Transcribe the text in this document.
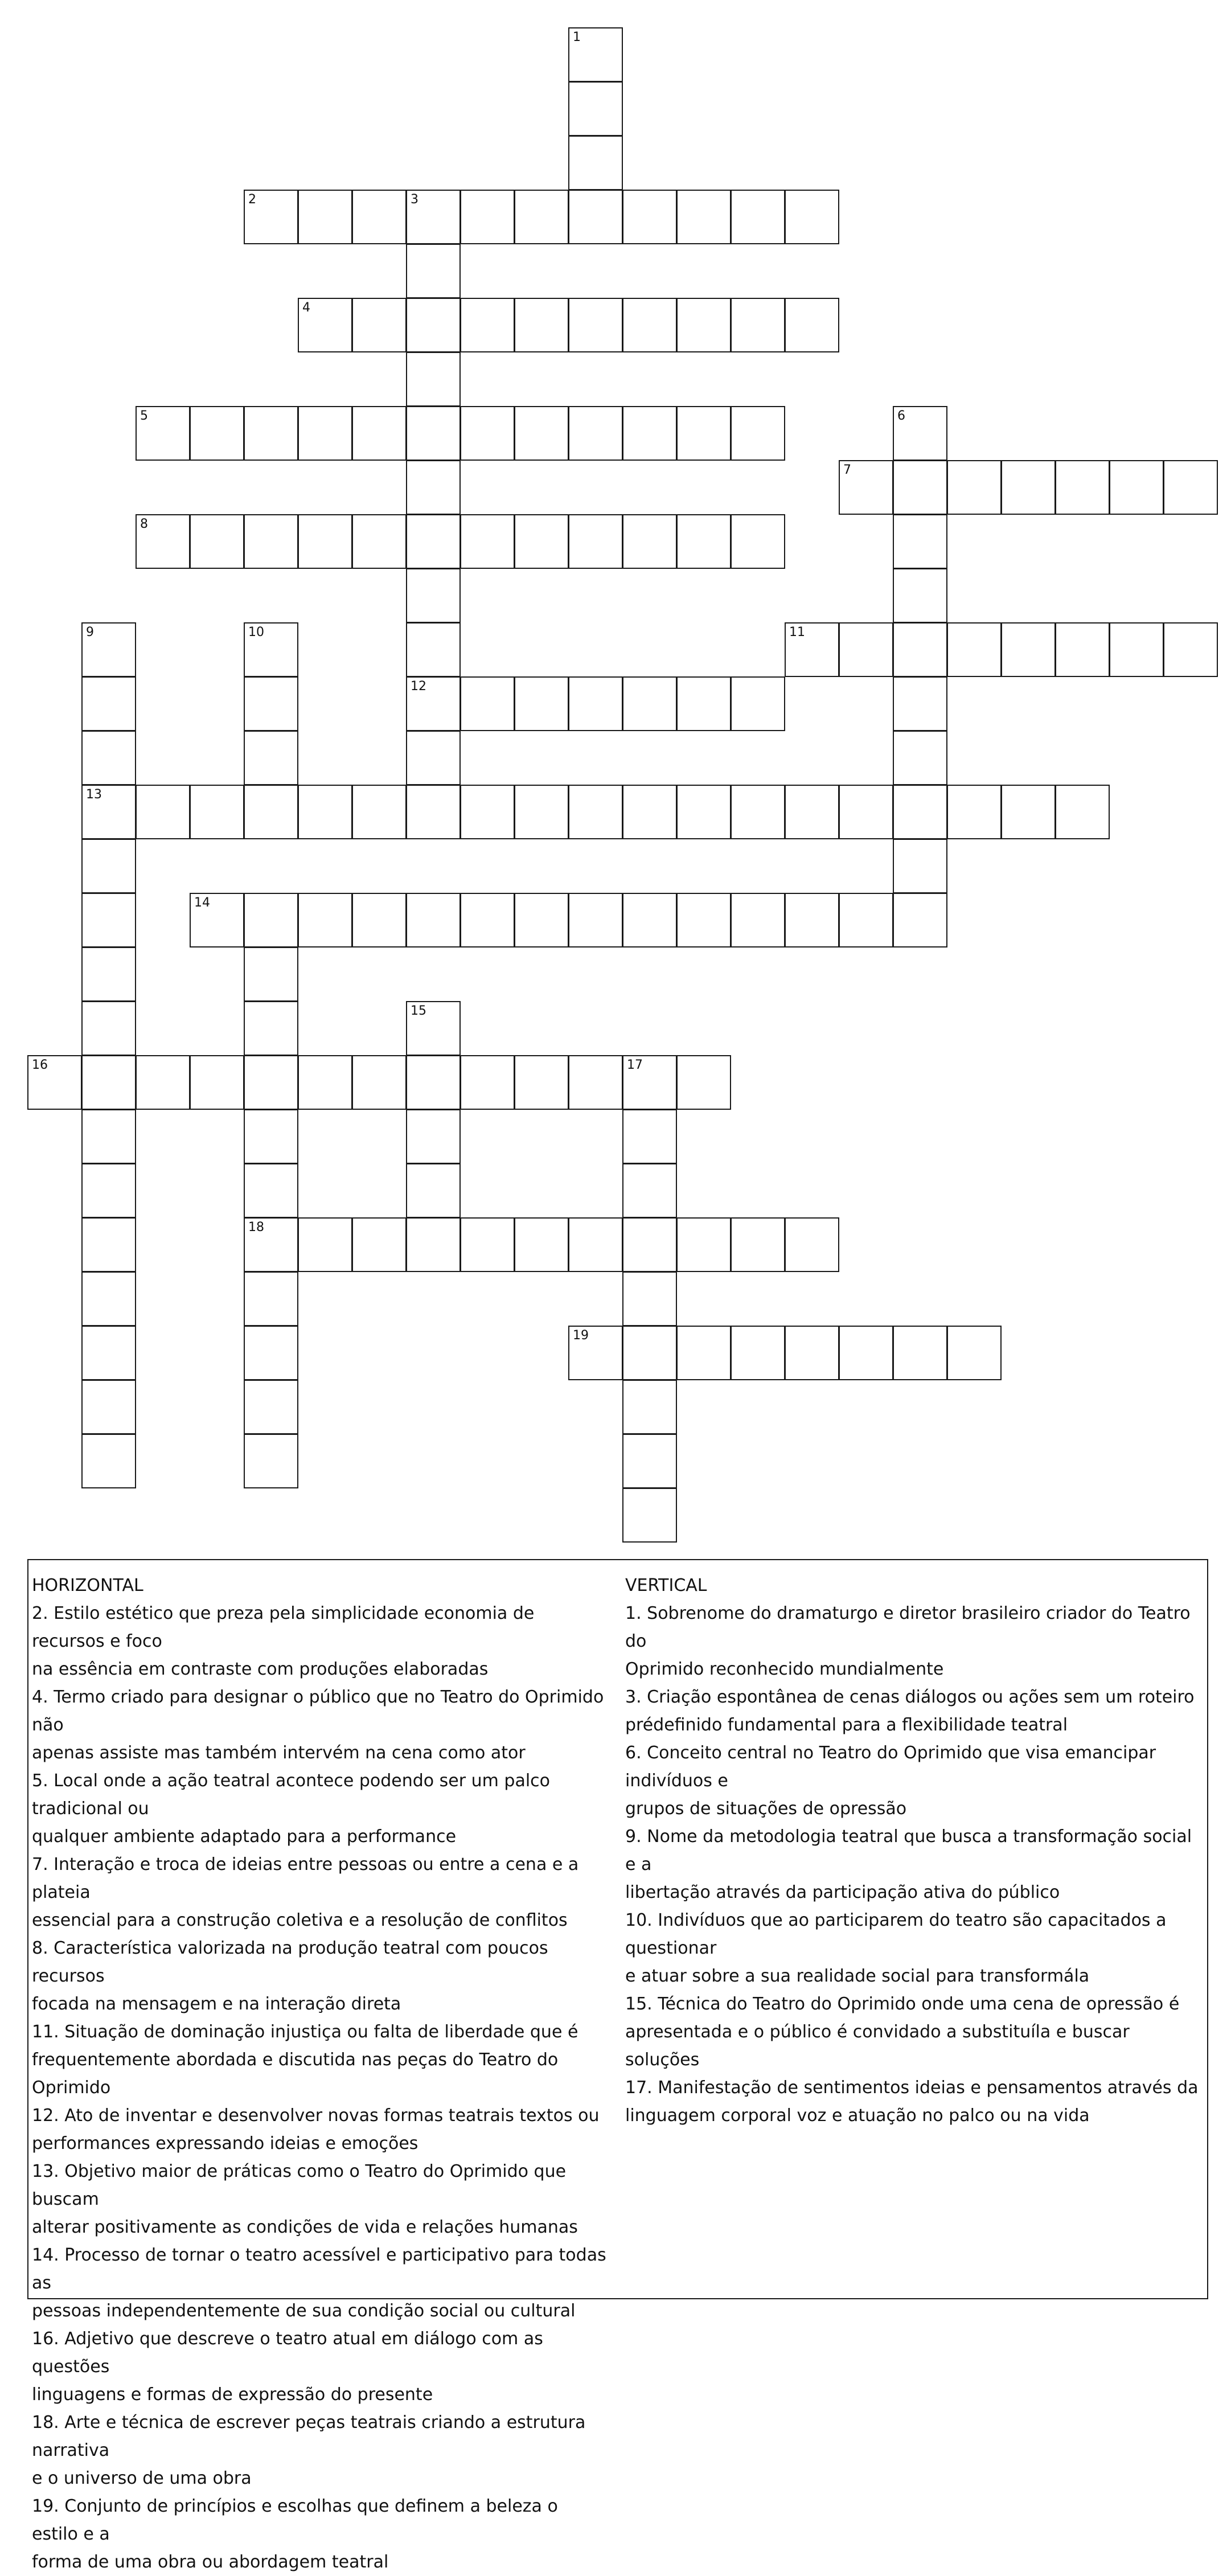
1
2	3
4
5	6
7
8
9	10	11
12
13
14
15
16	17
18
19
HORIZONTAL
2. Estilo estético que preza pela simplicidade economia de recursos e foco
na essência em contraste com produções elaboradas
4. Termo criado para designar o público que no Teatro do Oprimido não
apenas assiste mas também intervém na cena como ator
5. Local onde a ação teatral acontece podendo ser um palco tradicional ou
qualquer ambiente adaptado para a performance
7. Interação e troca de ideias entre pessoas ou entre a cena e a plateia
essencial para a construção coletiva e a resolução de conflitos
8. Característica valorizada na produção teatral com poucos recursos
focada na mensagem e na interação direta
11. Situação de dominação injustiça ou falta de liberdade que é
frequentemente abordada e discutida nas peças do Teatro do Oprimido
12. Ato de inventar e desenvolver novas formas teatrais textos ou
performances expressando ideias e emoções
13. Objetivo maior de práticas como o Teatro do Oprimido que buscam
alterar positivamente as condições de vida e relações humanas
14. Processo de tornar o teatro acessível e participativo para todas as
pessoas independentemente de sua condição social ou cultural
16. Adjetivo que descreve o teatro atual em diálogo com as questões
linguagens e formas de expressão do presente
18. Arte e técnica de escrever peças teatrais criando a estrutura narrativa
e o universo de uma obra
19. Conjunto de princípios e escolhas que definem a beleza o estilo e a
forma de uma obra ou abordagem teatral
VERTICAL
1. Sobrenome do dramaturgo e diretor brasileiro criador do Teatro do
Oprimido reconhecido mundialmente
3. Criação espontânea de cenas diálogos ou ações sem um roteiro
prédefinido fundamental para a flexibilidade teatral
6. Conceito central no Teatro do Oprimido que visa emancipar indivíduos e
grupos de situações de opressão
9. Nome da metodologia teatral que busca a transformação social e a
libertação através da participação ativa do público
10. Indivíduos que ao participarem do teatro são capacitados a questionar
e atuar sobre a sua realidade social para transformála
15. Técnica do Teatro do Oprimido onde uma cena de opressão é
apresentada e o público é convidado a substituíla e buscar soluções
17. Manifestação de sentimentos ideias e pensamentos através da
linguagem corporal voz e atuação no palco ou na vida
